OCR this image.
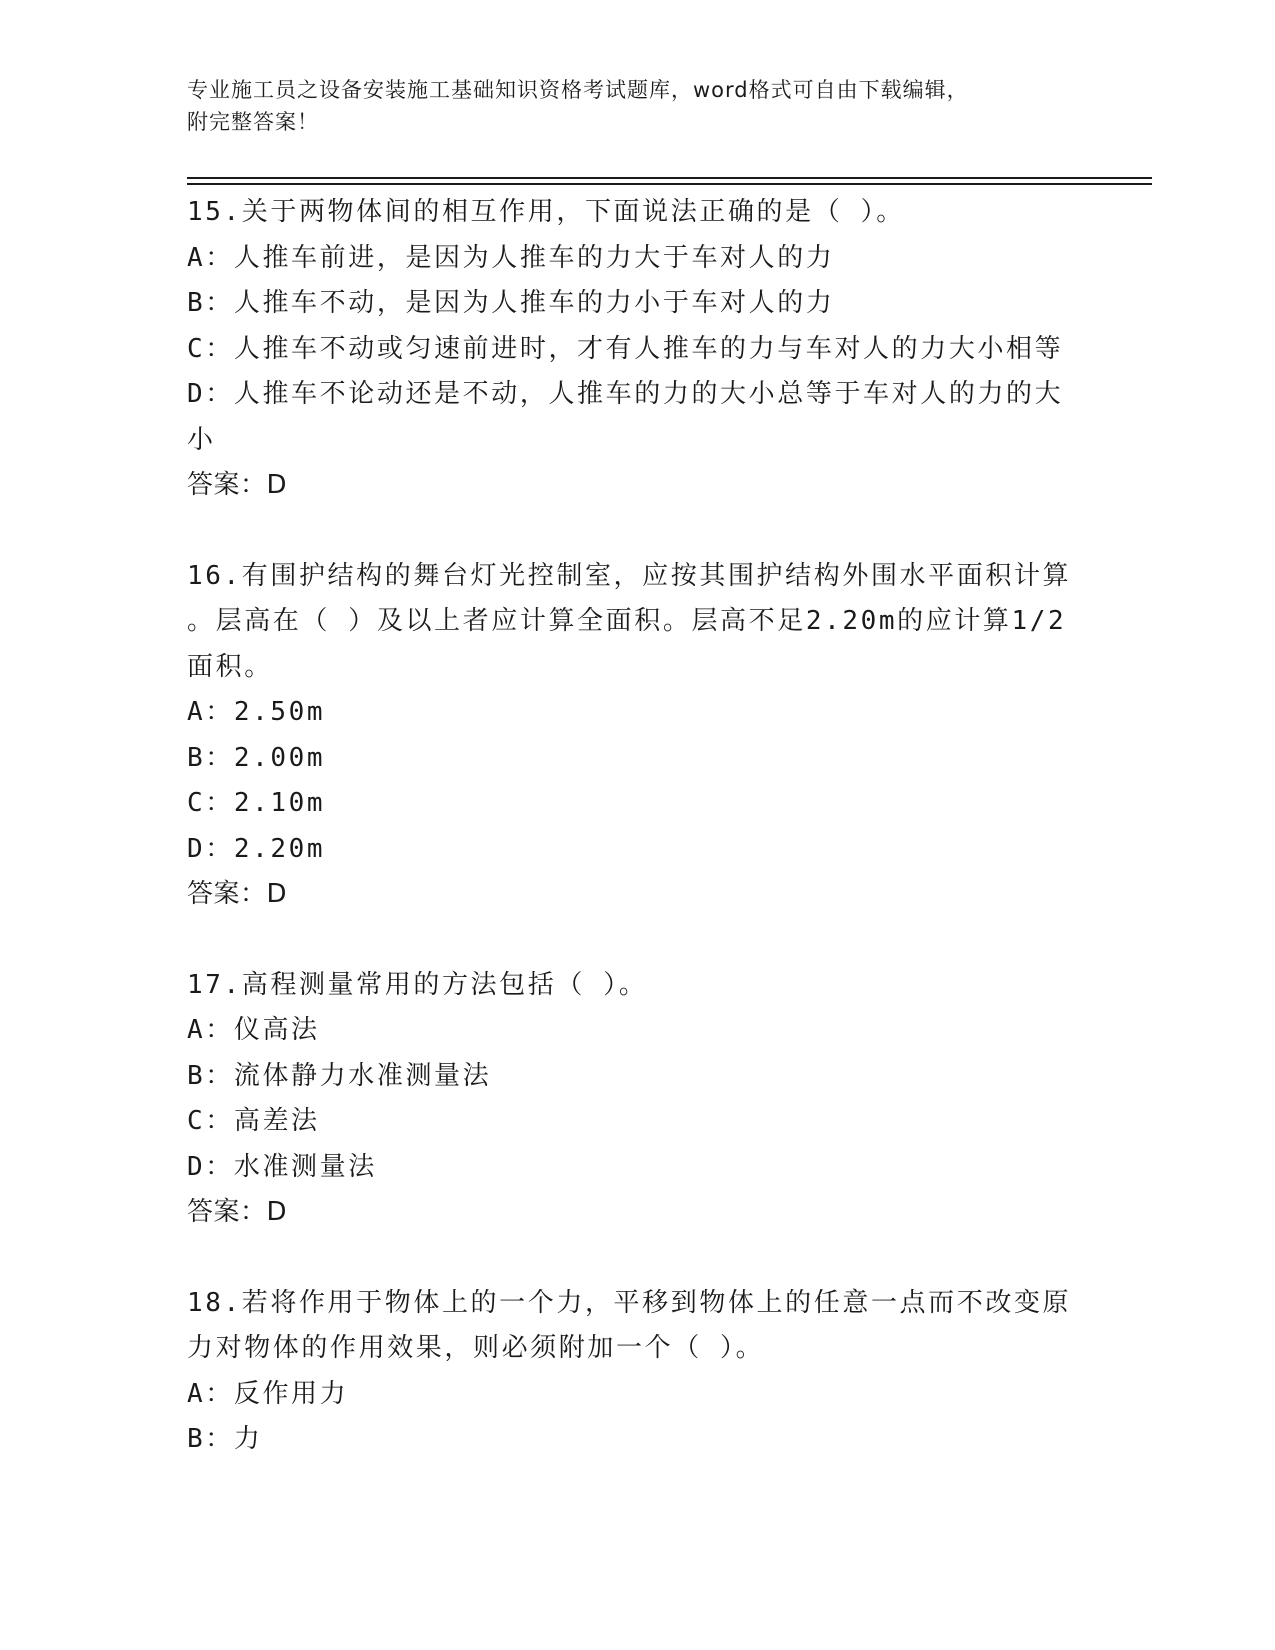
专业施工员之设备安装施工基础知识资格考试题库，word格式可自由下载编辑，
附完整答案！
15.关于两物体间的相互作用，下面说法正确的是（ ）。
A：人推车前进，是因为人推车的力大于车对人的力
B：人推车不动，是因为人推车的力小于车对人的力
C：人推车不动或匀速前进时，才有人推车的力与车对人的力大小相等
D：人推车不论动还是不动，人推车的力的大小总等于车对人的力的大
小
答案：D
16.有围护结构的舞台灯光控制室，应按其围护结构外围水平面积计算
。层高在（ ）及以上者应计算全面积。层高不足2.20m的应计算1/2
面积。
A：2.50m
B：2.00m
C：2.10m
D：2.20m
答案：D
17.高程测量常用的方法包括（ ）。
A：仪高法
B：流体静力水准测量法
C：高差法
D：水准测量法
答案：D
18.若将作用于物体上的一个力，平移到物体上的任意一点而不改变原
力对物体的作用效果，则必须附加一个（ ）。
A：反作用力
B：力
